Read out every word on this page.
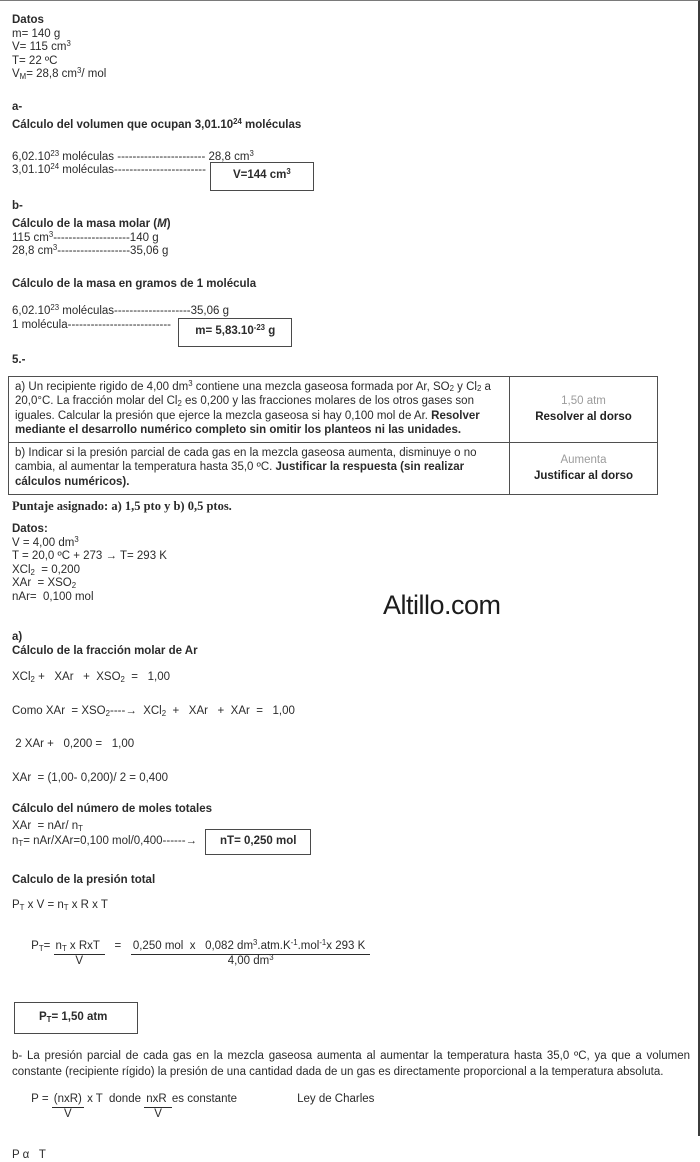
Datos
m= 140 g
V= 115 $cm^3$
T= 22 ºC
$V_M= 28,8$ $cm^3/$ mol
a-
Cálculo del volumen que ocupan 3,01.10$^{24}$ moléculas
6,02.10$^{23}$ moléculas ----------------------- 28,8 $cm^3$
3,01.10$^{24}$ moléculas------------------------	V=144 $cm^3$
b-
Cálculo de la masa molar (M)
115 $cm^3--------------------140$ g
28,8 $cm^3-------------------35,06$ g
Cálculo de la masa en gramos de 1 molécula
6,02.10$^{23}$ moléculas--------------------35,06 g
1 molécula---------------------------	$m= 5,83.10^{-23}$ g
5.-
a) Un recipiente rigido de 4,00 $dm^3$ contiene una mezcla gaseosa formada por Ar, $SO_2$ y $Cl_2$ a 20,0°C. La fracción molar del $Cl_2$ es 0,200 y las fracciones molares de los otros gases son iguales. Calcular la presión que ejerce la mezcla gaseosa si hay 0,100 mol de Ar. Resolver mediante el desarrollo numérico completo sin omitir los planteos ni las unidades.	1,50 atm
Resolver al dorso

b) Indicar si la presión parcial de cada gas en la mezcla gaseosa aumenta, disminuye o no cambia, al aumentar la temperatura hasta 35,0 ºC. Justificar la respuesta (sin realizar cálculos numéricos).	Aumenta
Justificar al dorso
Puntaje asignado: a) 1,5 pto y b) 0,5 ptos.
Datos:
V = 4,00 $dm^3$
T = 20,0 ºC + 273 → T= 293 K
XCl$_2$  = 0,200
XAr  = $XSO_2$
nAr=  0,100 mol
a)
Cálculo de la fracción molar de Ar
XCl$_2$ +   XAr   +  $XSO_2 = 1,00$
Como XAr  = $XSO_2----\to XCl_2$  +   XAr   +  XAr  =   1,00
2 XAr +   0,200 =   1,00
XAr  = (1,00- 0,200)/ 2 = 0,400
Cálculo del número de moles totales
XAr  = nAr/ $n_T$
$n_T= nAr/XAr=0,100$ mol/0,400------→	nT= 0,250 mol
Calculo de la presión total
$P_T$ x $V = n_T$ x R x T

$P_T= \frac{n_T x RxT}{V} = \frac{0,250 mol x 0,082 dm^3.atm.K^{-1}.mol^{-1}x 293 K}{4,00 dm^3}$

$P_T= 1,50$ atm
b- La presión parcial de cada gas en la mezcla gaseosa aumenta al aumentar la temperatura hasta 35,0 ºC, ya que a volumen constante (recipiente rígido) la presión de una cantidad dada de un gas es directamente proporcional a la temperatura absoluta.

$P = \frac{\text{(nxR)}}{V}$ x T  donde $\frac{\text{nxR}}{V}$ es constante	Ley de Charles

P α   T
Altillo.com
